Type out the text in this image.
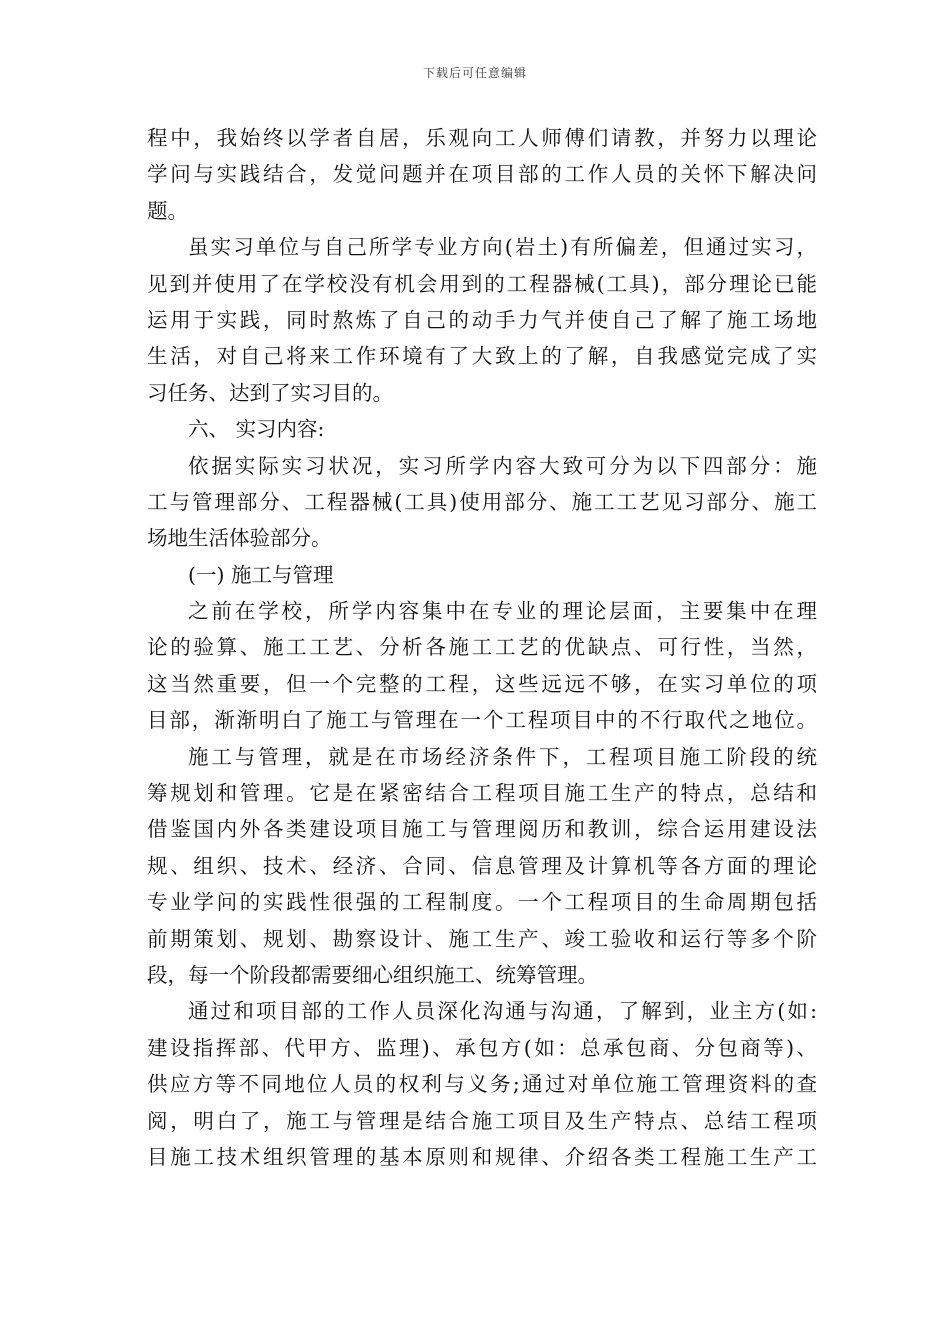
下载后可任意编辑
程中，我始终以学者自居，乐观向工人师傅们请教，并努力以理论
学问与实践结合，发觉问题并在项目部的工作人员的关怀下解决问
题。
虽实习单位与自己所学专业方向(岩土)有所偏差，但通过实习，
见到并使用了在学校没有机会用到的工程器械(工具)，部分理论已能
运用于实践，同时熬炼了自己的动手力气并使自己了解了施工场地
生活，对自己将来工作环境有了大致上的了解，自我感觉完成了实
习任务、达到了实习目的。
六、 实习内容:
依据实际实习状况，实习所学内容大致可分为以下四部分：施
工与管理部分、工程器械(工具)使用部分、施工工艺见习部分、施工
场地生活体验部分。
(一) 施工与管理
之前在学校，所学内容集中在专业的理论层面，主要集中在理
论的验算、施工工艺、分析各施工工艺的优缺点、可行性，当然，
这当然重要，但一个完整的工程，这些远远不够，在实习单位的项
目部，渐渐明白了施工与管理在一个工程项目中的不行取代之地位。
施工与管理，就是在市场经济条件下，工程项目施工阶段的统
筹规划和管理。它是在紧密结合工程项目施工生产的特点，总结和
借鉴国内外各类建设项目施工与管理阅历和教训，综合运用建设法
规、组织、技术、经济、合同、信息管理及计算机等各方面的理论
专业学问的实践性很强的工程制度。一个工程项目的生命周期包括
前期策划、规划、勘察设计、施工生产、竣工验收和运行等多个阶
段，每一个阶段都需要细心组织施工、统筹管理。
通过和项目部的工作人员深化沟通与沟通，了解到，业主方(如:
建设指挥部、代甲方、监理)、承包方(如：总承包商、分包商等)、
供应方等不同地位人员的权利与义务;通过对单位施工管理资料的查
阅，明白了，施工与管理是结合施工项目及生产特点、总结工程项
目施工技术组织管理的基本原则和规律、介绍各类工程施工生产工
